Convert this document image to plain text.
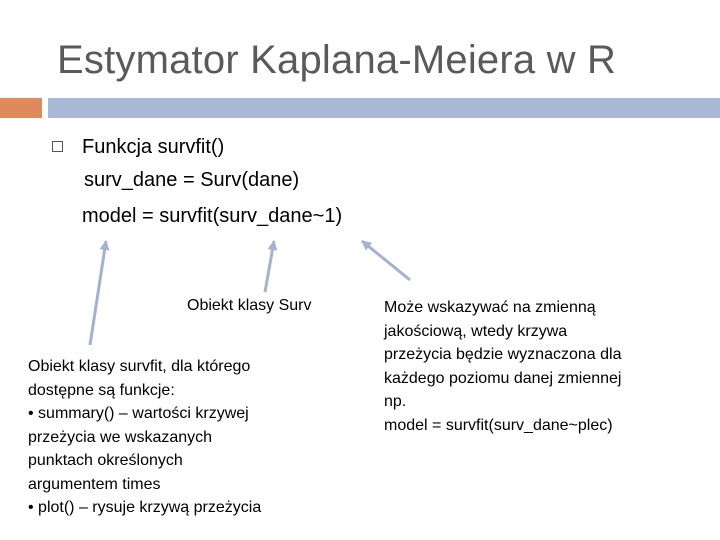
Estymator Kaplana-Meiera w R
Funkcja survfit()
surv_dane = Surv(dane)
model = survfit(surv_dane~1)
Obiekt klasy Surv
Obiekt klasy survfit, dla którego
dostępne są funkcje:
• summary() – wartości krzywej
przeżycia we wskazanych
punktach określonych
argumentem times
• plot() – rysuje krzywą przeżycia
Może wskazywać na zmienną
jakościową, wtedy krzywa
przeżycia będzie wyznaczona dla
każdego poziomu danej zmiennej
np.
model = survfit(surv_dane~plec)
